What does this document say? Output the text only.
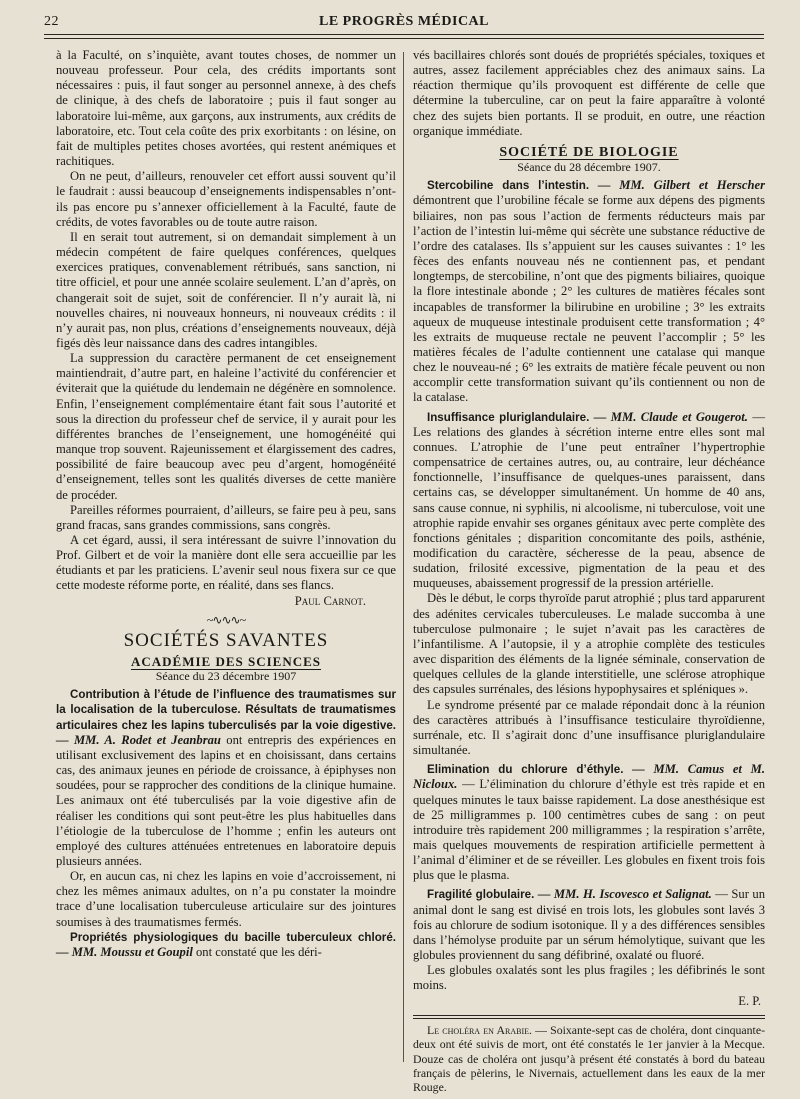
22	LE PROGRÈS MÉDICAL

à la Faculté, on s’inquiète, avant toutes choses, de nommer un nouveau professeur. Pour cela, des crédits importants sont nécessaires : puis, il faut songer au personnel annexe, à des chefs de clinique, à des chefs de laboratoire ; puis il faut songer au laboratoire lui-même, aux garçons, aux instruments, aux crédits de laboratoire, etc. Tout cela coûte des prix exorbitants : on lésine, on fait de multiples petites choses avortées, qui restent anémiques et rachitiques.

On ne peut, d’ailleurs, renouveler cet effort aussi souvent qu’il le faudrait : aussi beaucoup d’enseignements indispensables n’ont-ils pas encore pu s’annexer officiellement à la Faculté, faute de crédits, de votes favorables ou de toute autre raison.

Il en serait tout autrement, si on demandait simplement à un médecin compétent de faire quelques conférences, quelques exercices pratiques, convenablement rétribués, sans sanction, ni titre officiel, et pour une année scolaire seulement. L’an d’après, on changerait soit de sujet, soit de conférencier. Il n’y aurait là, ni nouvelles chaires, ni nouveaux honneurs, ni nouveaux crédits : il n’y aurait pas, non plus, créations d’enseignements nouveaux, déjà figés dès leur naissance dans des cadres intangibles.

La suppression du caractère permanent de cet enseignement maintiendrait, d’autre part, en haleine l’activité du conférencier et éviterait que la quiétude du lendemain ne dégénère en somnolence. Enfin, l’enseignement complémentaire étant fait sous l’autorité et sous la direction du professeur chef de service, il y aurait pour les différentes branches de l’enseignement, une homogénéité qui manque trop souvent. Rajeunissement et élargissement des cadres, possibilité de faire beaucoup avec peu d’argent, homogénéité d’enseignement, telles sont les qualités diverses de cette manière de procéder.

Pareilles réformes pourraient, d’ailleurs, se faire peu à peu, sans grand fracas, sans grandes commissions, sans congrès.

A cet égard, aussi, il sera intéressant de suivre l’innovation du Prof. Gilbert et de voir la manière dont elle sera accueillie par les étudiants et par les praticiens. L’avenir seul nous fixera sur ce que cette modeste réforme porte, en réalité, dans ses flancs.

Paul Carnot.
~∿∿∿~
SOCIÉTÉS SAVANTES
ACADÉMIE DES SCIENCES
Séance du 23 décembre 1907

Contribution à l’étude de l’influence des traumatismes sur la localisation de la tuberculose. Résultats de traumatismes articulaires chez les lapins tuberculisés par la voie digestive. — MM. A. Rodet et Jeanbrau ont entrepris des expériences en utilisant exclusivement des lapins et en choisissant, dans certains cas, des animaux jeunes en période de croissance, à épiphyses non soudées, pour se rapprocher des conditions de la clinique humaine. Les animaux ont été tuberculisés par la voie digestive afin de réaliser les conditions qui sont peut-être les plus habituelles dans l’étiologie de la tuberculose de l’homme ; enfin les auteurs ont employé des cultures atténuées entretenues en laboratoire depuis plusieurs années.

Or, en aucun cas, ni chez les lapins en voie d’accroissement, ni chez les mêmes animaux adultes, on n’a pu constater la moindre trace d’une localisation tuberculeuse articulaire sur des jointures soumises à des traumatismes fermés.

Propriétés physiologiques du bacille tuberculeux chloré. — MM. Moussu et Goupil ont constaté que les déri-

vés bacillaires chlorés sont doués de propriétés spéciales, toxiques et autres, assez facilement appréciables chez des animaux sains. La réaction thermique qu’ils provoquent est différente de celle que détermine la tuberculine, car on peut la faire apparaître à volonté chez des sujets bien portants. Il se produit, en outre, une réaction organique immédiate.

SOCIÉTÉ DE BIOLOGIE
Séance du 28 décembre 1907.

Stercobiline dans l’intestin. — MM. Gilbert et Herscher démontrent que l’urobiline fécale se forme aux dépens des pigments biliaires, non pas sous l’action de ferments réducteurs mais par l’action de l’intestin lui-même qui sécrète une substance réductive de l’ordre des catalases. Ils s’appuient sur les causes suivantes : 1° les fèces des enfants nouveau nés ne contiennent pas, et pendant longtemps, de stercobiline, n’ont que des pigments biliaires, quoique la flore intestinale abonde ; 2° les cultures de matières fécales sont incapables de transformer la bilirubine en urobiline ; 3° les extraits aqueux de muqueuse intestinale produisent cette transformation ; 4° les extraits de muqueuse rectale ne peuvent l’accomplir ; 5° les matières fécales de l’adulte contiennent une catalase qui manque chez le nouveau-né ; 6° les extraits de matière fécale peuvent ou non accomplir cette transformation suivant qu’ils contiennent ou non de la catalase.

Insuffisance pluriglandulaire. — MM. Claude et Gougerot. — Les relations des glandes à sécrétion interne entre elles sont mal connues. L’atrophie de l’une peut entraîner l’hypertrophie compensatrice de certaines autres, ou, au contraire, leur déchéance fonctionnelle, l’insuffisance de quelques-unes paraissent, dans certains cas, se développer simultanément. Un homme de 40 ans, sans cause connue, ni syphilis, ni alcoolisme, ni tuberculose, voit une atrophie rapide envahir ses organes génitaux avec perte complète des fonctions génitales ; disparition concomitante des poils, asthénie, modification du caractère, sécheresse de la peau, absence de sudation, frilosité excessive, pigmentation de la peau et des muqueuses, abaissement progressif de la pression artérielle.

Dès le début, le corps thyroïde parut atrophié ; plus tard apparurent des adénites cervicales tuberculeuses. Le malade succomba à une tuberculose pulmonaire ; le sujet n’avait pas les caractères de l’infantilisme. A l’autopsie, il y a atrophie complète des testicules avec disparition des éléments de la lignée séminale, conservation de quelques cellules de la glande interstitielle, une sclérose atrophique des capsules surrénales, des lésions hypophysaires et spléniques ».

Le syndrome présenté par ce malade répondait donc à la réunion des caractères attribués à l’insuffisance testiculaire thyroïdienne, surrénale, etc. Il s’agirait donc d’une insuffisance pluriglandulaire simultanée.

Elimination du chlorure d’éthyle. — MM. Camus et M. Nicloux. — L’élimination du chlorure d’éthyle est très rapide et en quelques minutes le taux baisse rapidement. La dose anesthésique est de 25 milligrammes p. 100 centimètres cubes de sang : on peut introduire très rapidement 200 milligrammes ; la respiration s’arrête, mais quelques mouvements de respiration artificielle permettent à l’animal d’éliminer et de se réveiller. Les globules en fixent trois fois plus que le plasma.

Fragilité globulaire. — MM. H. Iscovesco et Salignat. — Sur un animal dont le sang est divisé en trois lots, les globules sont lavés 3 fois au chlorure de sodium isotonique. Il y a des différences sensibles dans l’hémolyse produite par un sérum hémolytique, suivant que les globules proviennent du sang défibriné, oxalaté ou fluoré.

Les globules oxalatés sont les plus fragiles ; les défibrinés le sont moins.

E. P.

Le choléra en Arabie. — Soixante-sept cas de choléra, dont cinquante-deux ont été suivis de mort, ont été constatés le 1er janvier à la Mecque. Douze cas de choléra ont jusqu’à présent été constatés à bord du bateau français de pèlerins, le Nivernais, actuellement dans les eaux de la mer Rouge.
